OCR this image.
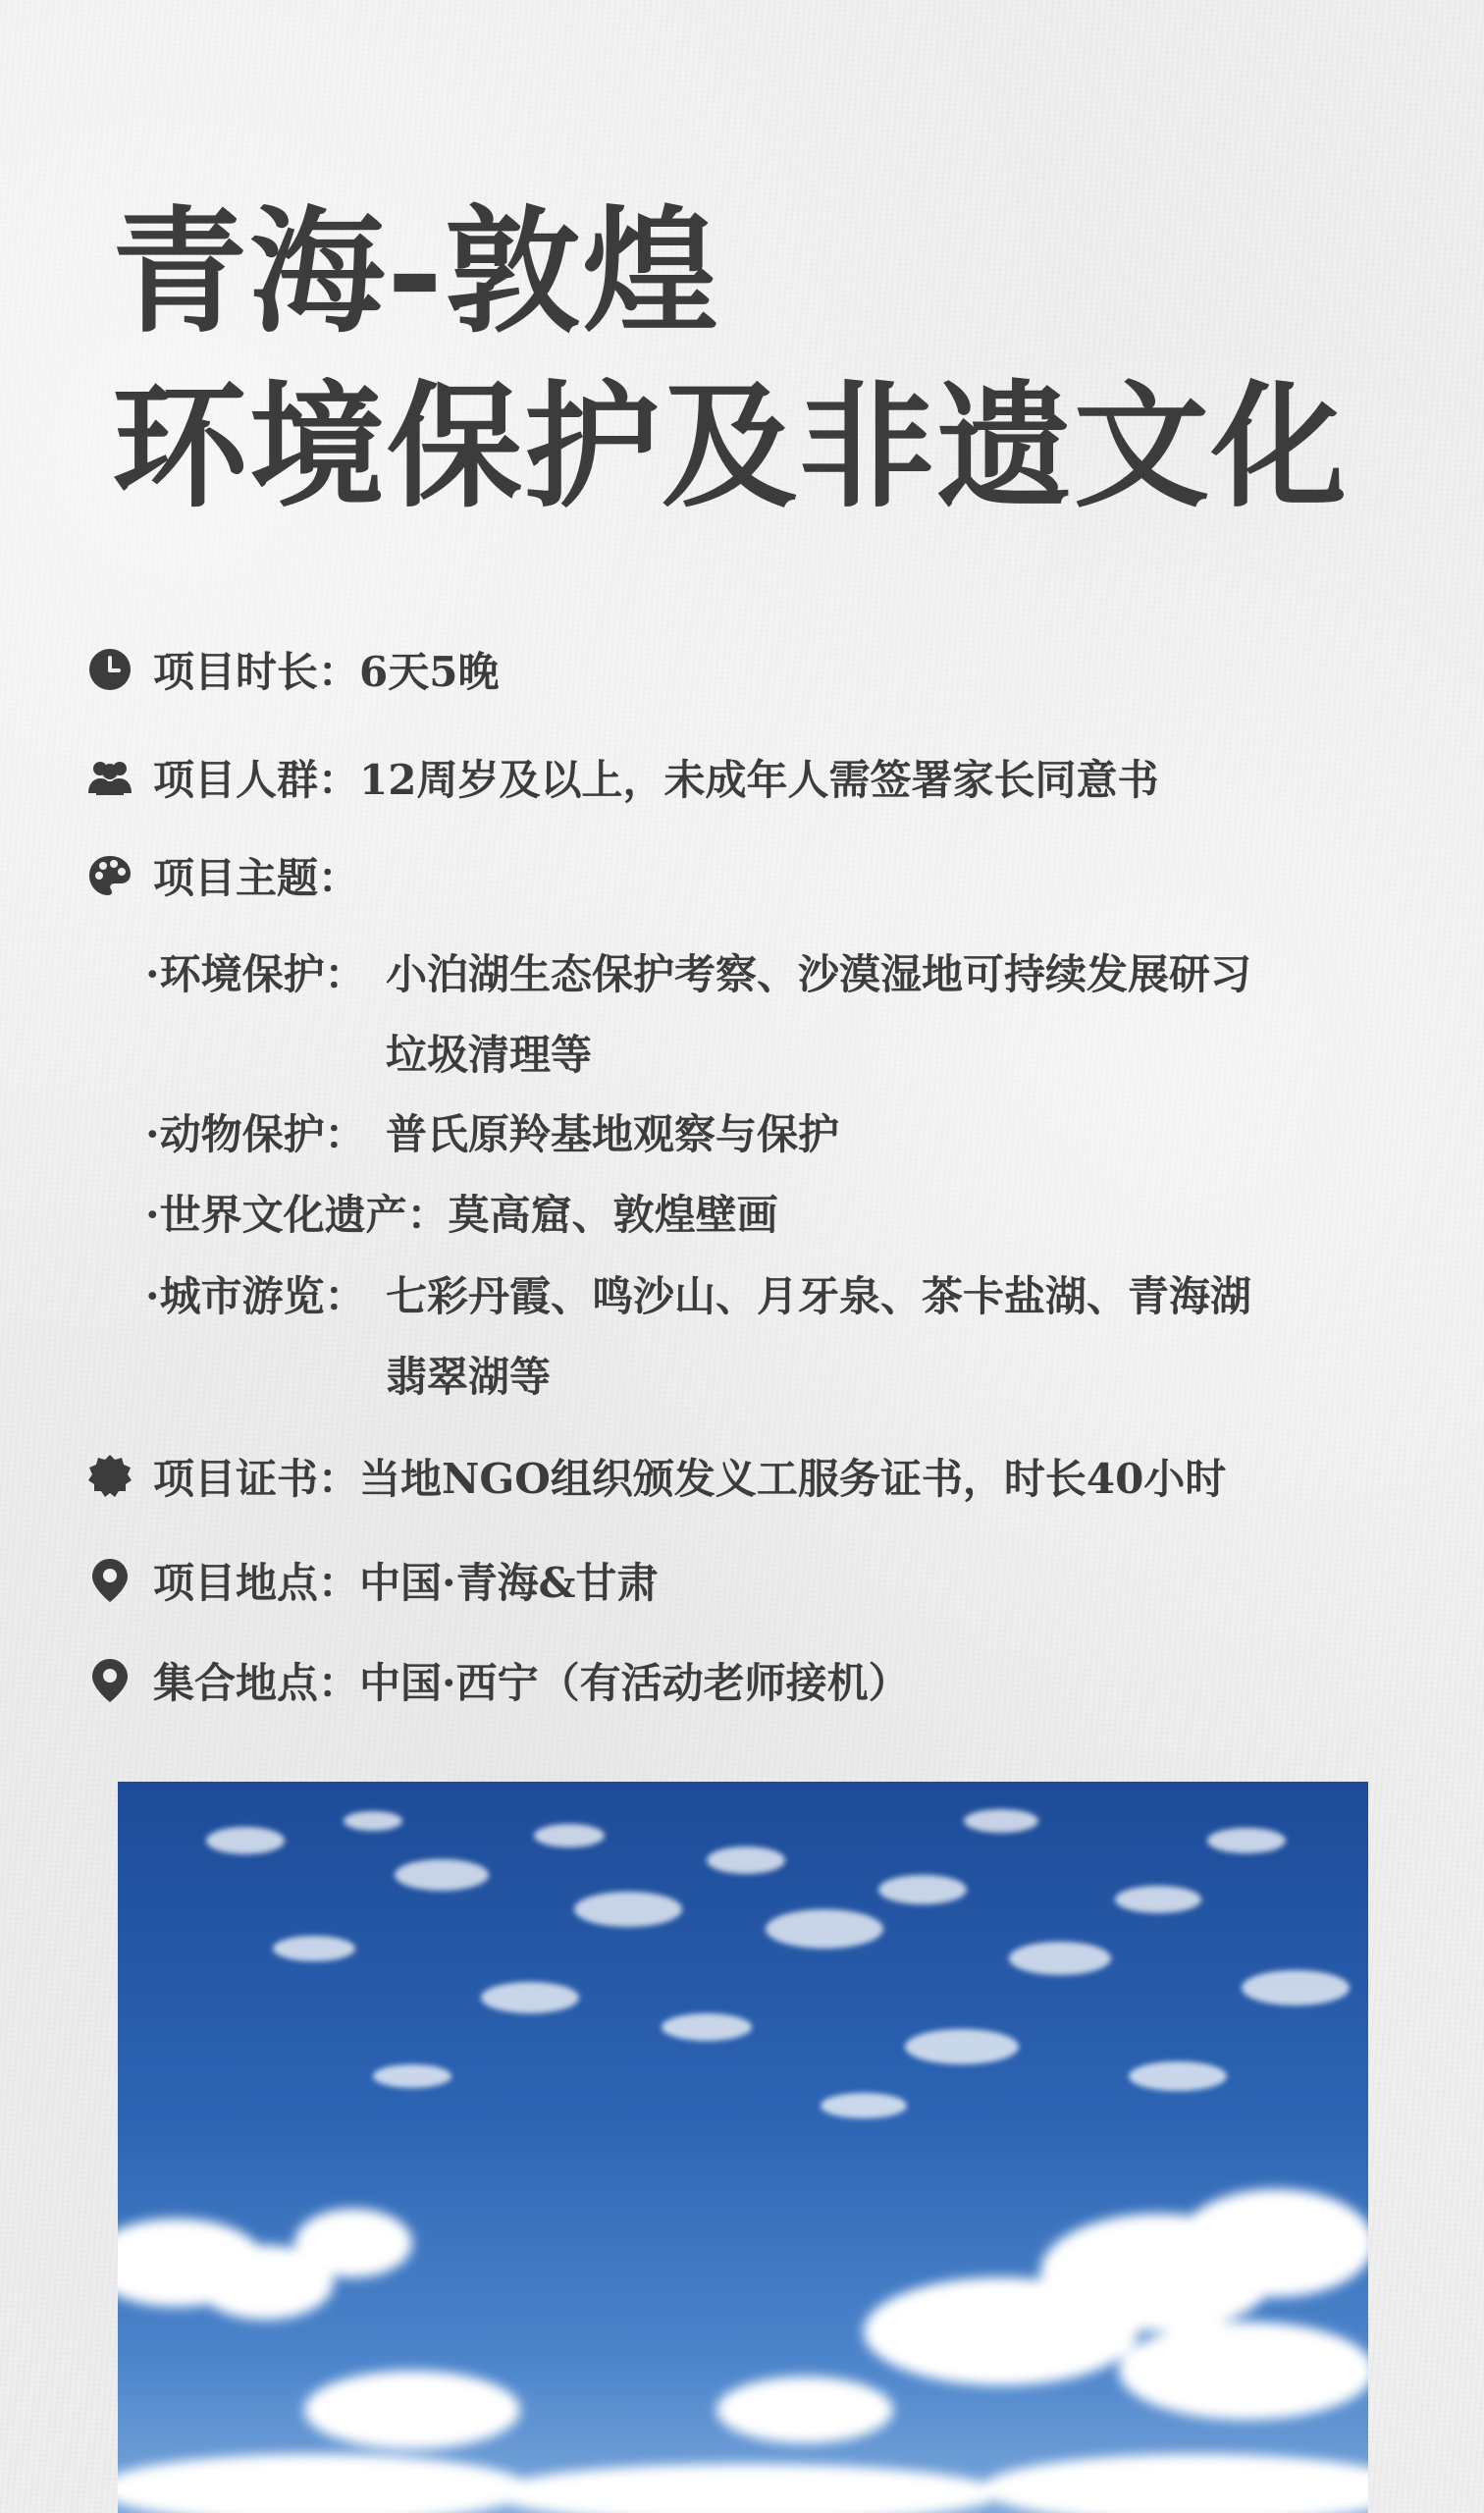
青海-敦煌
环境保护及非遗文化
项目时长： 6天5晚
项目人群： 12周岁及以上，未成年人需签署家长同意书
项目主题：
·环境保护： 小泊湖生态保护考察、沙漠湿地可持续发展研习
垃圾清理等
·动物保护： 普氏原羚基地观察与保护
·世界文化遗产：莫高窟、敦煌壁画
·城市游览： 七彩丹霞、鸣沙山、月牙泉、茶卡盐湖、青海湖
翡翠湖等
项目证书： 当地NGO组织颁发义工服务证书，时长40小时
项目地点： 中国·青海&甘肃
集合地点： 中国·西宁（有活动老师接机）
